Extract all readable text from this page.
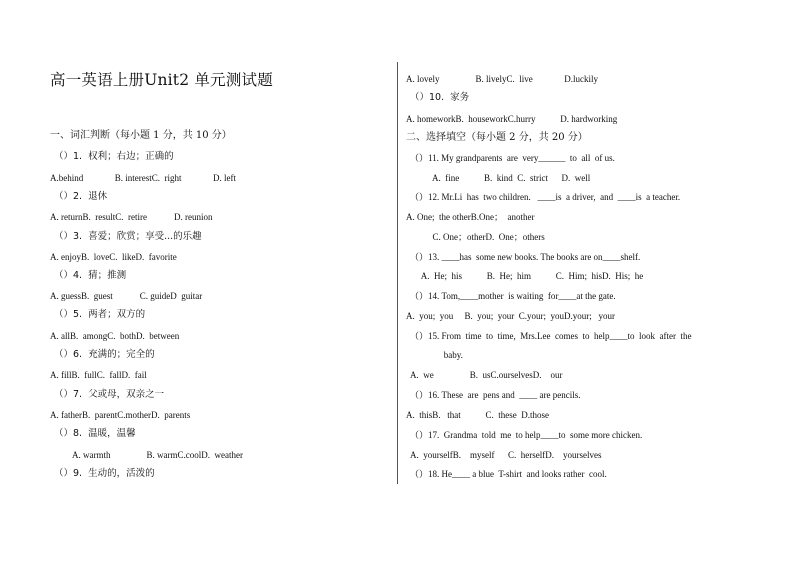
高一英语上册Unit2 单元测试题
一、词汇判断（每小题 1 分，共 10 分）
（）1.  权利；右边；正确的
A.behind              B. interestC.  right              D. left
（）2.  退休
A. returnB.  resultC.  retire            D. reunion
（）3.  喜爱；欣赏；享受...的乐趣
A. enjoyB.  loveC.  likeD.  favorite
（）4.  猜；推测
A. guessB.  guest            C. guideD  guitar
（）5.  两者；双方的
A. allB.  amongC.  bothD.  between
（）6.  充满的；完全的
A. fillB.  fullC.  fallD.  fail
（）7.  父或母，双亲之一
A. fatherB.  parentC.motherD.  parents
（）8.  温暖，温馨
A. warmth                B. warmC.coolD.  weather
（）9.  生动的，活泼的
A. lovely                B. livelyC.  live              D.luckily
（）10.  家务
A. homeworkB.  houseworkC.hurry           D. hardworking
二、选择填空（每小题 2 分，共 20 分）
（）11. My grandparents  are  very______  to  all  of us.
A.  fine           B.  kind  C.  strict      D.  well
（）12. Mr.Li  has  two children.   ____is  a driver,  and  ____is  a teacher.
A. One;  the otherB.One；  another
C. One；otherD.  One；others
（）13. ____has  some new books. The books are on____shelf.
A.  He;  his           B.  He;  him           C.  Him;  hisD.  His;  he
（）14. Tom,____mother  is waiting  for____at the gate.
A.  you;  you     B.  you;  your  C.your;  youD.your;   your
（）15. From  time  to  time,  Mrs.Lee  comes  to  help____to  look  after  the
baby.
A.  we                B.  usC.ourselvesD.    our
（）16. These  are  pens and  ____ are pencils.
A.  thisB.   that           C.  these  D.those
（）17.  Grandma  told  me  to help____to  some more chicken.
A.  yourselfB.    myself      C.  herselfD.    yourselves
（）18. He____ a blue  T-shirt  and looks rather  cool.
